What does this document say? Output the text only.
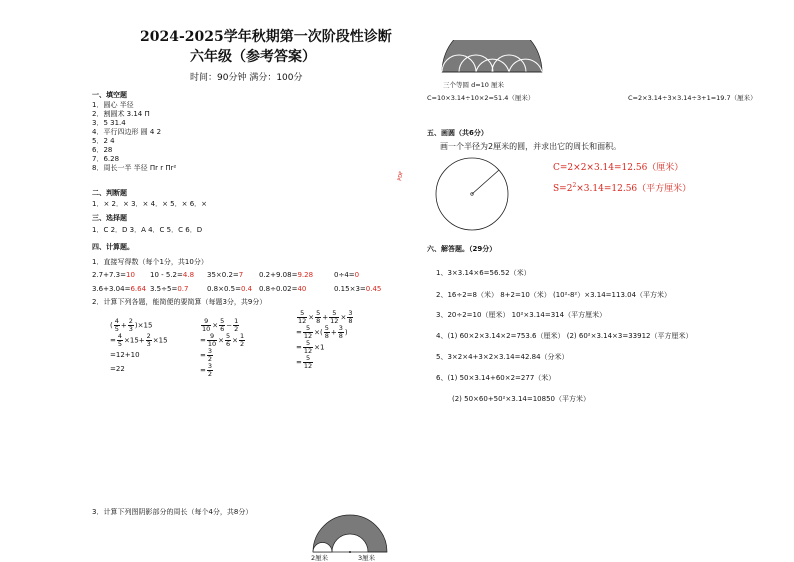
2024-2025学年秋期第一次阶段性诊断
六年级（参考答案）
时间：90分钟 满分：100分
一、填空题
1．圆心 半径
2．割圆术 3.14 П
3．5 31.4
4．平行四边形 圆 4 2
5．2 4
6．28
7．6.28
8．周长一半 半径 Пr r Пr²
二、判断题
1．× 2．× 3．× 4．× 5．× 6．×
三、选择题
1．C 2．D 3．A 4．C 5．C 6．D
四、计算题。
1．直接写得数（每个1分，共10分）
2.7+7.3=10 10 - 5.2=4.8 35×0.2=7 0.2+9.08=9.28	0÷4=0
3.6+3.04=6.64 3.5÷5=0.7	0.8×0.5=0.4 0.8÷0.02=40	0.15×3=0.45
2．计算下列各题，能简便的要简算（每题3分，共9分）
( $\frac{4}{5} + \frac{2}{3} )\times 15$
= $\frac{4}{5} \times 15+ \frac{2}{3} \times 15$
=12+10
=22
$\frac{9}{10} \times \frac{5}{6} - \frac{1}{2}$
= $\frac{9}{10} \times \frac{5}{6} \times \frac{1}{2}$
= $\frac{3}{2}$
= $\frac{3}{2}$
$\frac{5}{12} \times \frac{5}{8} + \frac{5}{12} \times \frac{3}{8}$
= $\frac{5}{12}$ ×( $\frac{5}{8} + \frac{3}{8}$ )
= $\frac{5}{12} \times 1$
= $\frac{5}{12}$
3．计算下列图阴影部分的周长（每个4分，共8分）
2厘米	3厘米
三个等圆 d=10 厘米
C=10×3.14÷10×2=51.4（厘米）	C=2×3.14÷3×3.14÷3+1=19.7（厘米）
五、画圆（共6分）
画一个半径为2厘米的圆，并求出它的周长和面积。
C=2×2×3.14=12.56（厘米）
$S=2^2\times 3.14=12.56$（平方厘米）
PDF
六、解答题。（29分）
1、3×3.14×6=56.52（米）
2、16÷2=8（米） 8+2=10（米） (10²-8²）×3.14=113.04（平方米）
3、20÷2=10（厘米） 10²×3.14=314（平方厘米）
4、(1) 60×2×3.14×2=753.6（厘米） (2) 60²×3.14×3=33912（平方厘米）
5、3×2×4+3×2×3.14=42.84（分米）
6、(1) 50×3.14+60×2=277（米）
(2) 50×60+50²×3.14=10850（平方米）
